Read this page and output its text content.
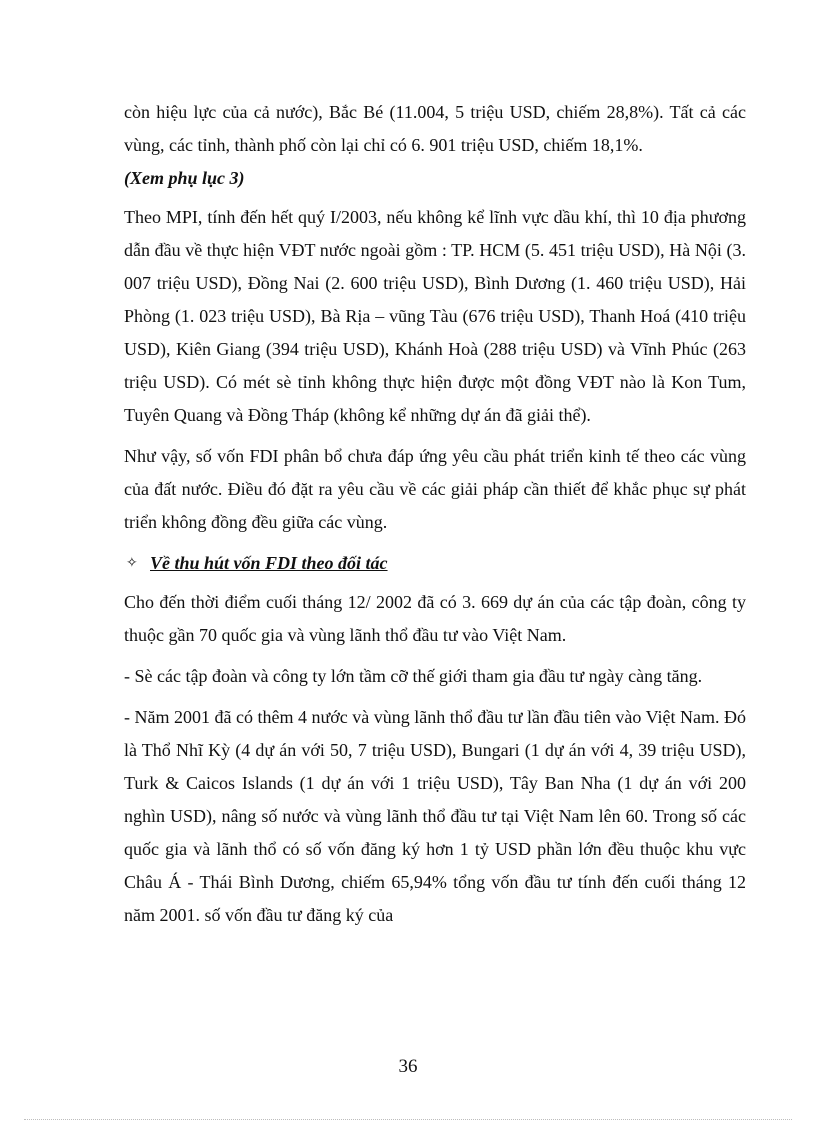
còn hiệu lực của cả nước), Bắc Bé (11.004, 5 triệu USD, chiếm 28,8%). Tất cả các vùng, các tỉnh, thành phố còn lại chỉ có 6. 901 triệu USD, chiếm 18,1%.
(Xem phụ lục 3)

Theo MPI, tính đến hết quý I/2003, nếu không kể lĩnh vực dầu khí, thì 10 địa phương dẫn đầu về thực hiện VĐT nước ngoài gồm : TP. HCM (5. 451 triệu USD), Hà Nội (3. 007 triệu USD), Đồng Nai (2. 600 triệu USD), Bình Dương (1. 460 triệu USD), Hải Phòng (1. 023 triệu USD), Bà Rịa – vũng Tàu (676 triệu USD), Thanh Hoá (410 triệu USD), Kiên Giang (394 triệu USD), Khánh Hoà (288 triệu USD) và Vĩnh Phúc (263 triệu USD). Có mét sè tỉnh không thực hiện được một đồng VĐT nào là Kon Tum, Tuyên Quang và Đồng Tháp (không kể những dự án đã giải thể).

Như vậy, số vốn FDI phân bổ chưa đáp ứng yêu cầu phát triển kinh tế theo các vùng của đất nước. Điều đó đặt ra yêu cầu về các giải pháp cần thiết để khắc phục sự phát triển không đồng đều giữa các vùng.

✧ Về thu hút vốn FDI theo đối tác

Cho đến thời điểm cuối tháng 12/ 2002 đã có 3. 669 dự án của các tập đoàn, công ty thuộc gần 70 quốc gia và vùng lãnh thổ đầu tư vào Việt Nam.

- Sè các tập đoàn và công ty lớn tầm cỡ thế giới tham gia đầu tư ngày càng tăng.

- Năm 2001 đã có thêm 4 nước và vùng lãnh thổ đầu tư lần đầu tiên vào Việt Nam. Đó là Thổ Nhĩ Kỳ (4 dự án với 50, 7 triệu USD), Bungari (1 dự án với 4, 39 triệu USD), Turk & Caicos Islands (1 dự án với 1 triệu USD), Tây Ban Nha (1 dự án với 200 nghìn USD), nâng số nước và vùng lãnh thổ đầu tư tại Việt Nam lên 60. Trong số các quốc gia và lãnh thổ có số vốn đăng ký hơn 1 tỷ USD phần lớn đều thuộc khu vực Châu Á - Thái Bình Dương, chiếm 65,94% tổng vốn đầu tư tính đến cuối tháng 12 năm 2001. số vốn đầu tư đăng ký của

36
